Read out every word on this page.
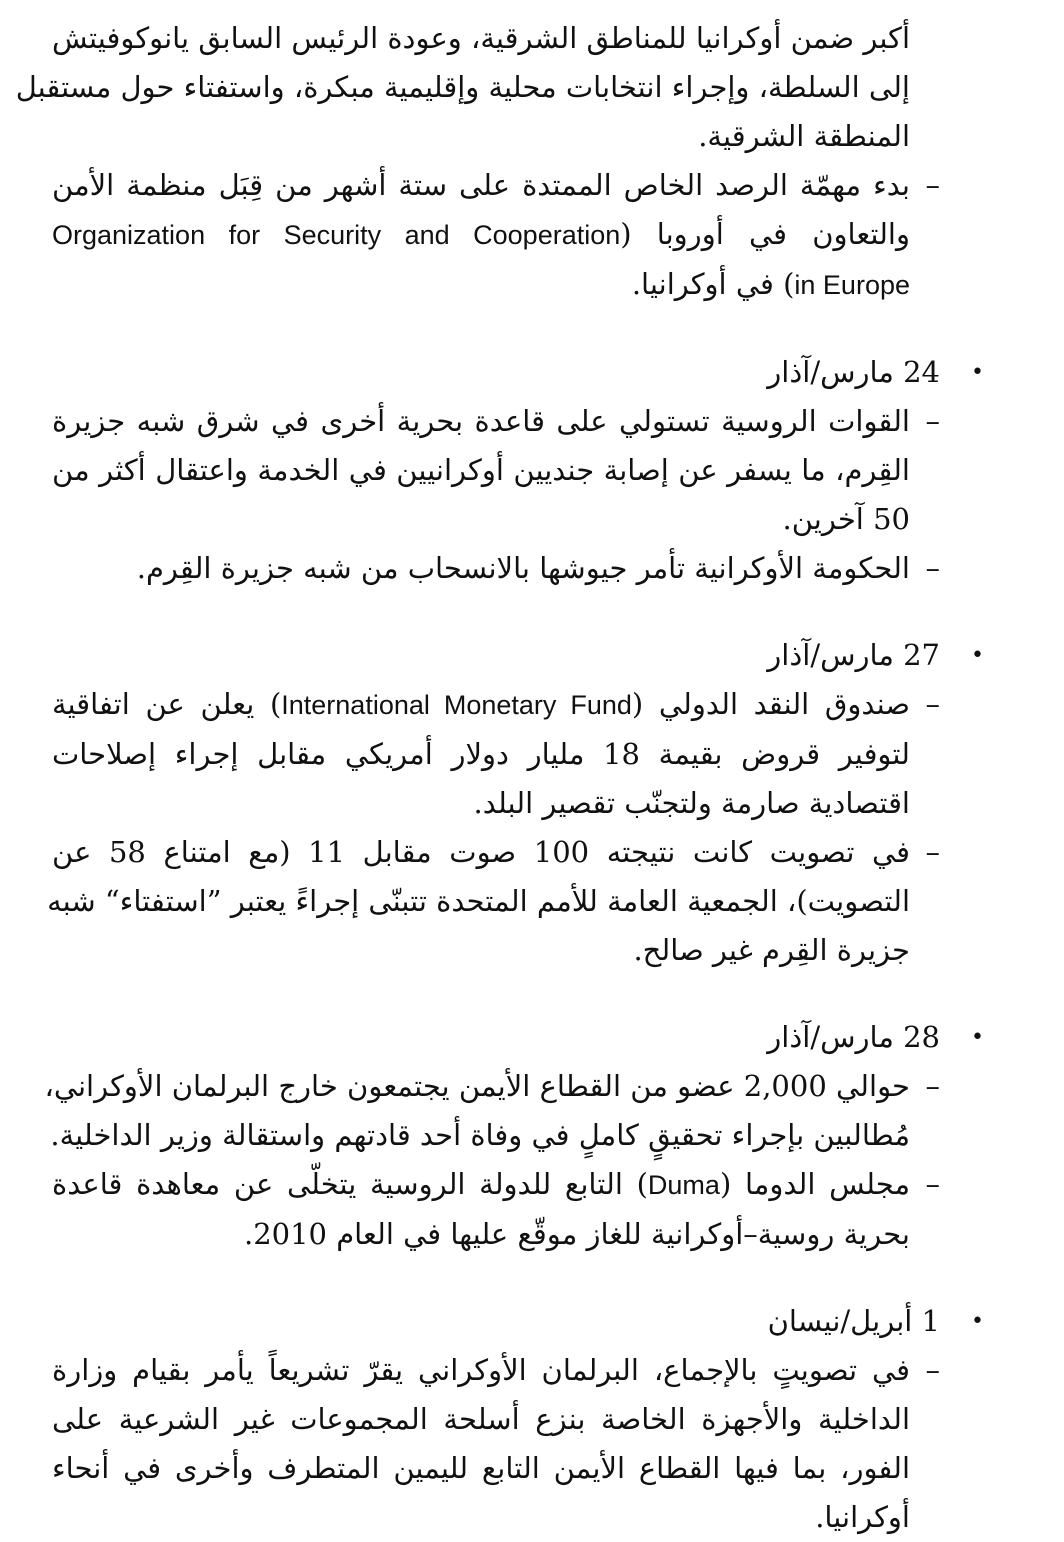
أكبر ضمن أوكرانيا للمناطق الشرقية، وعودة الرئيس السابق يانوكوفيتش
إلى السلطة، وإجراء انتخابات محلية وإقليمية مبكرة، واستفتاء حول مستقبل
المنطقة الشرقية.
–
بدء مهمّة الرصد الخاص الممتدة على ستة أشهر من قِبَل منظمة الأمن
والتعاون في أوروبا (Organization for Security and Cooperation
in Europe) في أوكرانيا.
•
24 مارس/آذار
–
القوات الروسية تستولي على قاعدة بحرية أخرى في شرق شبه جزيرة
القِرم، ما يسفر عن إصابة جنديين أوكرانيين في الخدمة واعتقال أكثر من
50 آخرين.
–
الحكومة الأوكرانية تأمر جيوشها بالانسحاب من شبه جزيرة القِرم.
•
27 مارس/آذار
–
صندوق النقد الدولي (International Monetary Fund) يعلن عن اتفاقية
لتوفير قروض بقيمة 18 مليار دولار أمريكي مقابل إجراء إصلاحات
اقتصادية صارمة ولتجنّب تقصير البلد.
–
في تصويت كانت نتيجته 100 صوت مقابل 11 (مع امتناع 58 عن
التصويت)، الجمعية العامة للأمم المتحدة تتبنّى إجراءً يعتبر ”استفتاء“ شبه
جزيرة القِرم غير صالح.
•
28 مارس/آذار
–
حوالي 2,000 عضو من القطاع الأيمن يجتمعون خارج البرلمان الأوكراني،
مُطالبين بإجراء تحقيقٍ كاملٍ في وفاة أحد قادتهم واستقالة وزير الداخلية.
–
مجلس الدوما (Duma) التابع للدولة الروسية يتخلّى عن معاهدة قاعدة
بحرية روسية–أوكرانية للغاز موقّع عليها في العام 2010.
•
1 أبريل/نيسان
–
في تصويتٍ بالإجماع، البرلمان الأوكراني يقرّ تشريعاً يأمر بقيام وزارة
الداخلية والأجهزة الخاصة بنزع أسلحة المجموعات غير الشرعية على
الفور، بما فيها القطاع الأيمن التابع لليمين المتطرف وأخرى في أنحاء
أوكرانيا.
